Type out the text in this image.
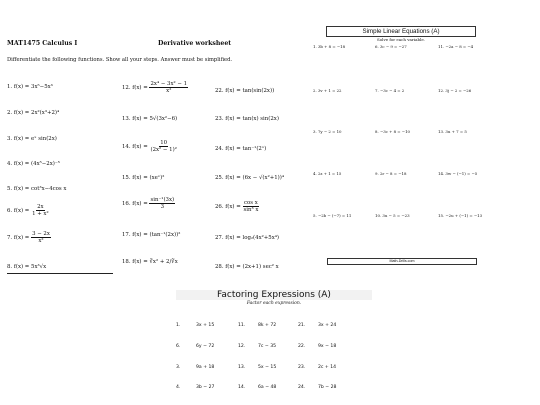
MAT1475 Calculus I	Derivative worksheet
Differentiate the following functions. Show all your steps. Answer must be simplified.
1. f(x) = 3x⁵−5x³
2. f(x) = 2x²(x³+2)⁴
3. f(x) = eˣ sin(2x)
4. f(x) = (4x⁵−2x)⁻⁵
5. f(x) = cot³x−4cos x
6. $f(x) = \frac{2x}{\text{1 + x²}}$
7. $f(x) = \frac{3 - 2x}{\text{x²}}$
8. f(x) = 5x³√x
12. $f(x) = \frac{\text{2x⁴ − 3x² − 1}}{\text{x²}}$
13. f(x) = 5√(3x²−6)
14. $f(x) = \frac{10}{\text{(2x² − 1)²}}$
15. f(x) = (xeˣ)²
16. $f(x) = \frac{\text{sin⁻¹(3x)}}{3}$
17. f(x) = (tan⁻¹(2x))²
18. f(x) = ∛x² + 2/∛x
22. f(x) = tan(sin(2x))
23. f(x) = tan(x) sin(2x)
24. f(x) = tan⁻¹(2ˣ)
25. f(x) = (6x − √(x²+1))⁴
26. $f(x) = \frac{\text{cos x}}{\text{sin³ x}}$
27. f(x) = log₂(4x²+5x⁴)
28. f(x) = (2x+1) sec² x
Simple Linear Equations (A)
Solve for each variable.
1. 3b + 8 = −18	6. 3c − 9 = −27	11. −2a − 8 = −4
2. 3v + 1 = 22	7. −3c − 4 = 2	12. 3j − 2 = −26
3. 7y − 2 = 10	8. −3c + 8 = −10	13. 3u + 7 = 5
4. 2z + 1 = 15	9. 2r − 8 = −18	14. 3w − (−1) = −5
5. −2b − (−7) = 11	10. 3u − 5 = −23	15. −2u + (−1) = −13
Math-Drills.com
Factoring Expressions (A)
Factor each expression.
1.	3x + 15	11.	8k + 72	21.	3x + 24
6.	6y − 72	12.	7c − 35	22.	9x − 18
3.	9a + 18	13.	5x − 15	23.	2c + 14
4.	3b − 27	14.	6a − 48	24.	7b − 28
